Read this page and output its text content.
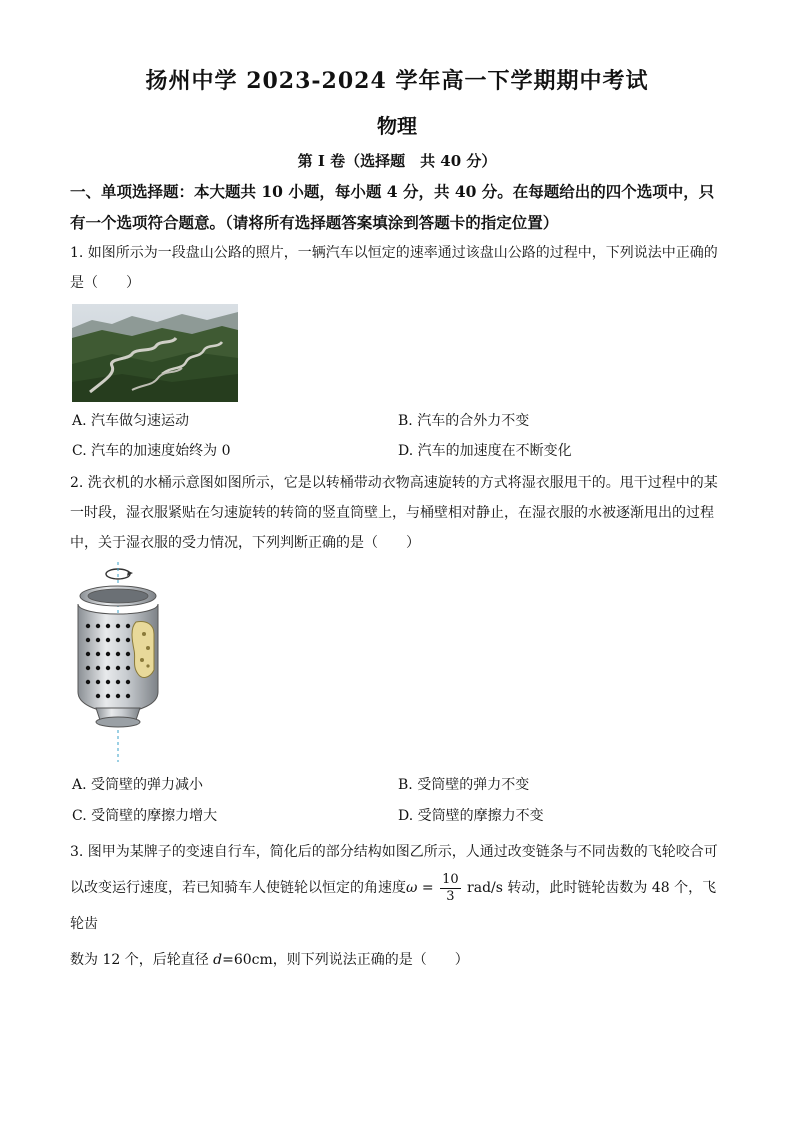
扬州中学 2023-2024 学年高一下学期期中考试
物理
第 I 卷（选择题　共 40 分）
一、单项选择题：本大题共 10 小题，每小题 4 分，共 40 分。在每题给出的四个选项中，只
有一个选项符合题意。（请将所有选择题答案填涂到答题卡的指定位置）
1. 如图所示为一段盘山公路的照片，一辆汽车以恒定的速率通过该盘山公路的过程中，下列说法中正确的
是（　　）
A. 汽车做匀速运动	B. 汽车的合外力不变
C. 汽车的加速度始终为 0	D. 汽车的加速度在不断变化
2. 洗衣机的水桶示意图如图所示，它是以转桶带动衣物高速旋转的方式将湿衣服甩干的。甩干过程中的某
一时段，湿衣服紧贴在匀速旋转的转筒的竖直筒壁上，与桶壁相对静止，在湿衣服的水被逐渐甩出的过程
中，关于湿衣服的受力情况，下列判断正确的是（　　）
A. 受筒壁的弹力减小	B. 受筒壁的弹力不变
C. 受筒壁的摩擦力增大	D. 受筒壁的摩擦力不变
3. 图甲为某牌子的变速自行车，简化后的部分结构如图乙所示，人通过改变链条与不同齿数的飞轮咬合可
以改变运行速度，若已知骑车人使链轮以恒定的角速度$\omega = \frac{10}{3} rad/s$ 转动，此时链轮齿数为 48 个，飞轮齿
数为 12 个，后轮直径 d=60cm，则下列说法正确的是（　　）
